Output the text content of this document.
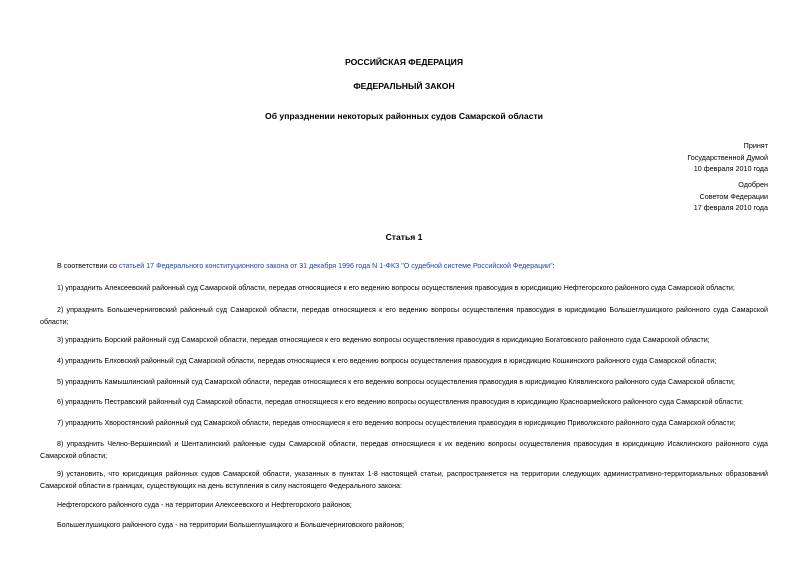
РОССИЙСКАЯ ФЕДЕРАЦИЯ
ФЕДЕРАЛЬНЫЙ ЗАКОН
Об упразднении некоторых районных судов Самарской области
Принят
Государственной Думой
10 февраля 2010 года
Одобрен
Советом Федерации
17 февраля 2010 года
Статья 1
В соответствии со статьей 17 Федерального конституционного закона от 31 декабря 1996 года N 1-ФКЗ "О судебной системе Российской Федерации":
1) упразднить Алексеевский районный суд Самарской области, передав относящиеся к его ведению вопросы осуществления правосудия в юрисдикцию Нефтегорского районного суда Самарской области;
2) упразднить Большечерниговский районный суд Самарской области, передав относящиеся к его ведению вопросы осуществления правосудия в юрисдикцию Большеглушицкого районного суда Самарской области;
3) упразднить Борский районный суд Самарской области, передав относящиеся к его ведению вопросы осуществления правосудия в юрисдикцию Богатовского районного суда Самарской области;
4) упразднить Елховский районный суд Самарской области, передав относящиеся к его ведению вопросы осуществления правосудия в юрисдикцию Кошкинского районного суда Самарской области;
5) упразднить Камышлинский районный суд Самарской области, передав относящиеся к его ведению вопросы осуществления правосудия в юрисдикцию Клявлинского районного суда Самарской области;
6) упразднить Пестравский районный суд Самарской области, передав относящиеся к его ведению вопросы осуществления правосудия в юрисдикцию Красноармейского районного суда Самарской области;
7) упразднить Хворостянский районный суд Самарской области, передав относящиеся к его ведению вопросы осуществления правосудия в юрисдикцию Приволжского районного суда Самарской области;
8) упразднить Челно-Вершинский и Шенталинский районные суды Самарской области, передав относящиеся к их ведению вопросы осуществления правосудия в юрисдикцию Исаклинского районного суда Самарской области;
9) установить, что юрисдикция районных судов Самарской области, указанных в пунктах 1-8 настоящей статьи, распространяется на территории следующих административно-территориальных образований Самарской области в границах, существующих на день вступления в силу настоящего Федерального закона:
Нефтегорского районного суда - на территории Алексеевского и Нефтегорского районов;
Большеглушицкого районного суда - на территории Большеглушицкого и Большечерниговского районов;
